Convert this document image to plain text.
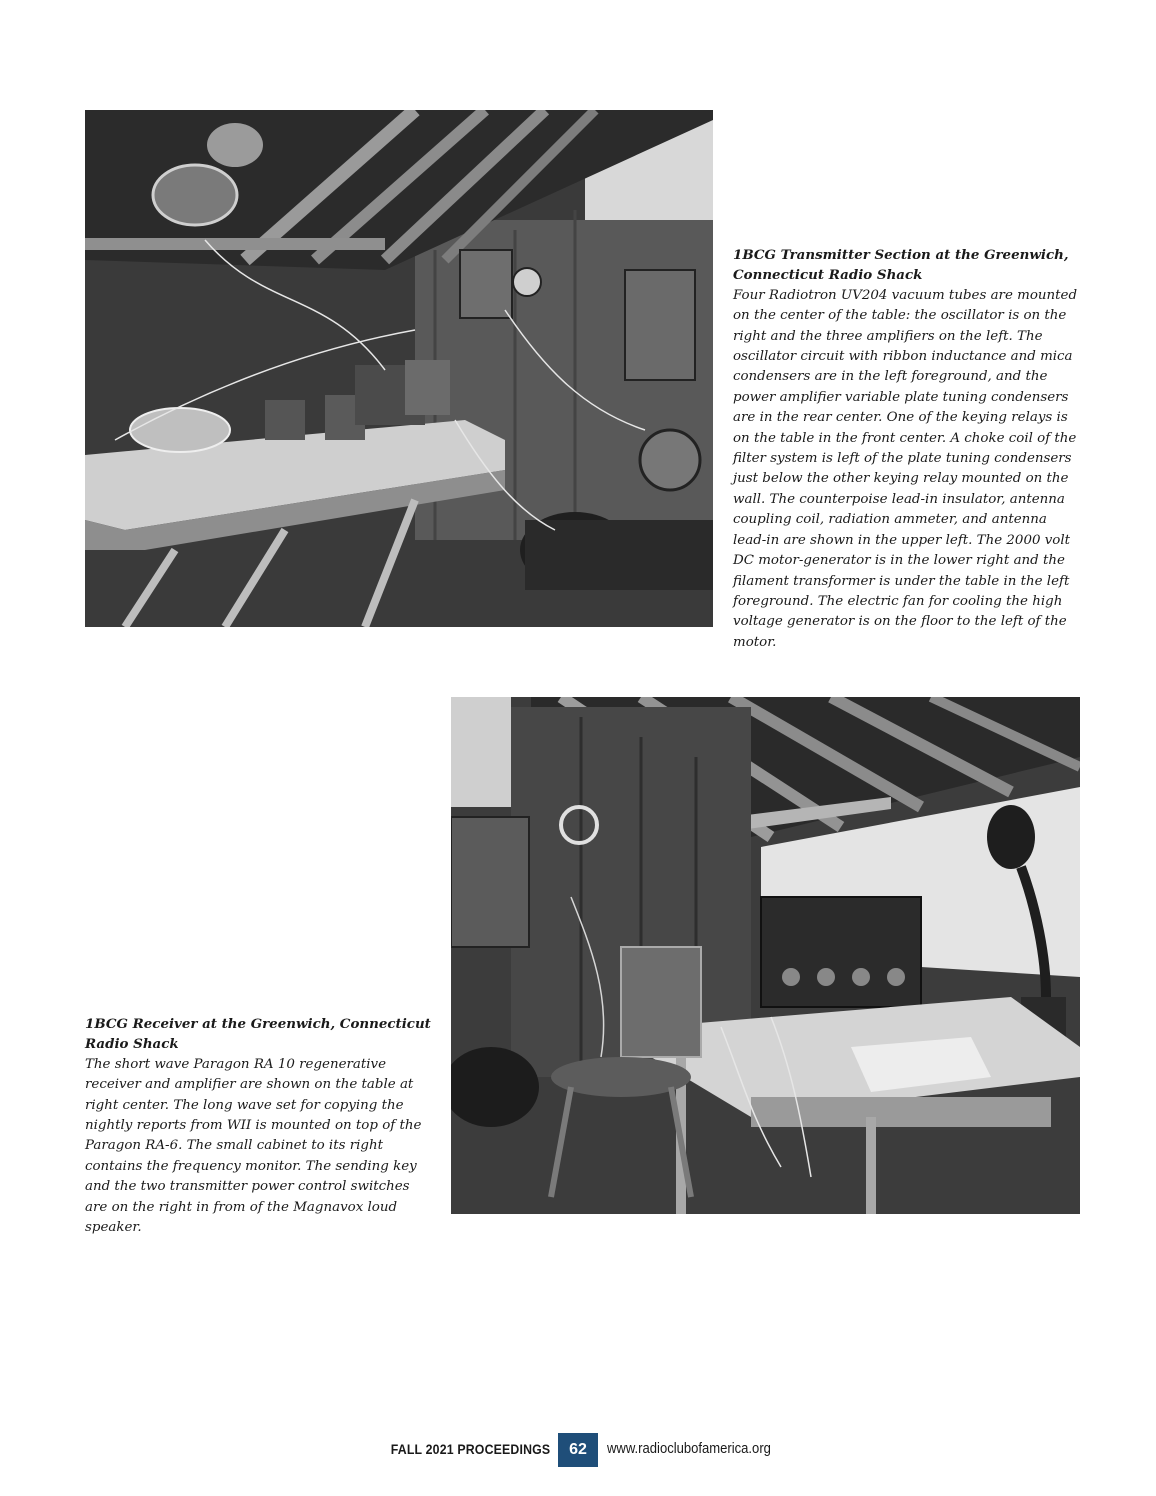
1BCG Transmitter Section at the Greenwich, Connecticut Radio Shack
Four Radiotron UV204 vacuum tubes are mounted on the center of the table: the oscillator is on the right and the three amplifiers on the left. The oscillator circuit with ribbon inductance and mica condensers are in the left foreground, and the power amplifier variable plate tuning condensers are in the rear center. One of the keying relays is on the table in the front center. A choke coil of the filter system is left of the plate tuning condensers just below the other keying relay mounted on the wall. The counterpoise lead-in insulator, antenna coupling coil, radiation ammeter, and antenna lead-in are shown in the upper left. The 2000 volt DC motor-generator is in the lower right and the filament transformer is under the table in the left foreground. The electric fan for cooling the high voltage generator is on the floor to the left of the motor.
1BCG Receiver at the Greenwich, Connecticut Radio Shack
The short wave Paragon RA 10 regenerative receiver and amplifier are shown on the table at right center. The long wave set for copying the nightly reports from WII is mounted on top of the Paragon RA-6. The small cabinet to its right contains the frequency monitor. The sending key and the two transmitter power control switches are on the right in from of the Magnavox loud speaker.
FALL 2021 PROCEEDINGS	62	www.radioclubofamerica.org
